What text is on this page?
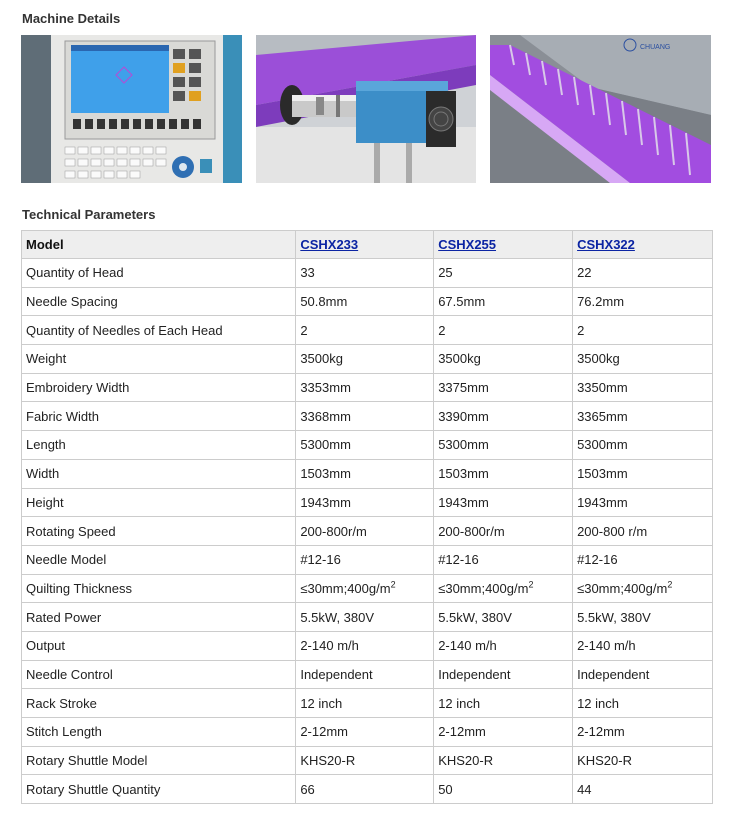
Machine Details
CHUANG
Technical Parameters
Model	CSHX233	CSHX255	CSHX322
Quantity of Head	33	25	22
Needle Spacing	50.8mm	67.5mm	76.2mm
Quantity of Needles of Each Head	2	2	2
Weight	3500kg	3500kg	3500kg
Embroidery Width	3353mm	3375mm	3350mm
Fabric Width	3368mm	3390mm	3365mm
Length	5300mm	5300mm	5300mm
Width	1503mm	1503mm	1503mm
Height	1943mm	1943mm	1943mm
Rotating Speed	200-800r/m	200-800r/m	200-800 r/m
Needle Model	#12-16	#12-16	#12-16
Quilting Thickness	$\le 30mm;400g/m^2$	$\le 30mm;400g/m^2$	$\le 30mm;400g/m^2$
Rated Power	5.5kW, 380V	5.5kW, 380V	5.5kW, 380V
Output	2-140 m/h	2-140 m/h	2-140 m/h
Needle Control	Independent	Independent	Independent
Rack Stroke	12 inch	12 inch	12 inch
Stitch Length	2-12mm	2-12mm	2-12mm
Rotary Shuttle Model	KHS20-R	KHS20-R	KHS20-R
Rotary Shuttle Quantity	66	50	44
